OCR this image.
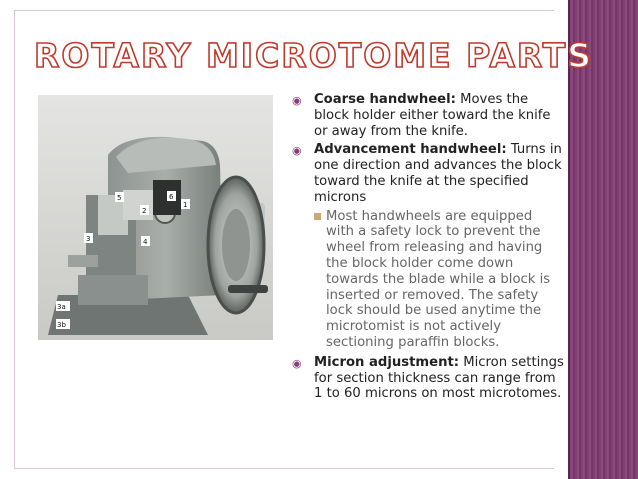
ROTARY MICROTOME PARTS
5	6
1
3	4
2
3a
3b
◉ Coarse handwheel: Moves the block holder either toward the knife or away from the knife.
◉ Advancement handwheel: Turns in one direction and advances the block toward the knife at the specified microns
Most handwheels are equipped with a safety lock to prevent the wheel from releasing and having the block holder come down towards the blade while a block is inserted or removed. The safety lock should be used anytime the microtomist is not actively sectioning paraffin blocks.
◉ Micron adjustment: Micron settings for section thickness can range from 1 to 60 microns on most microtomes.
